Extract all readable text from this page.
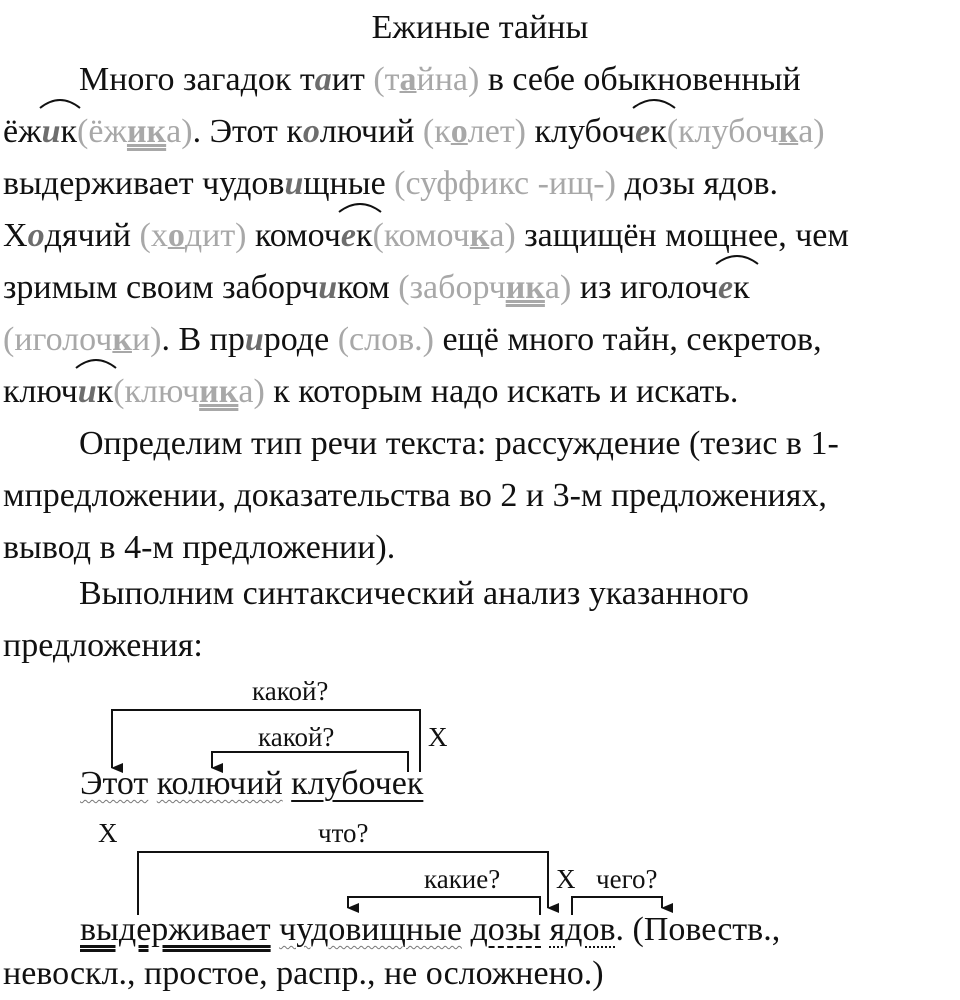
Ежиные тайны
Много загадок таит (тайна) в себе обыкновенный
ёж
ик(ёжика). Этот колючий (колет) клубоч
ек(клубочка)
выдерживает чудовищные (суффикс -ищ-) дозы ядов.
Ходячий (ходит) комоч
ек(комочка) защищён мощнее, чем
зримым своим заборчиком (заборчика) из иголоч
ек
(иголочки). В природе (слов.) ещё много тайн, секретов,
ключ
ик(ключика) к которым надо искать и искать.
Определим тип речи текста: рассуждение (тезис в 1-
мпредложении, доказательства во 2 и 3-м предложениях,
вывод в 4-м предложении).
Выполним синтаксический анализ указанного
предложения:
какой?
какой?	Х
Этот колючий клубочек
Х	что?
какие? Х чего?
выдерживает чудовищные дозы ядов. (Повеств.,
невоскл., простое, распр., не осложнено.)
